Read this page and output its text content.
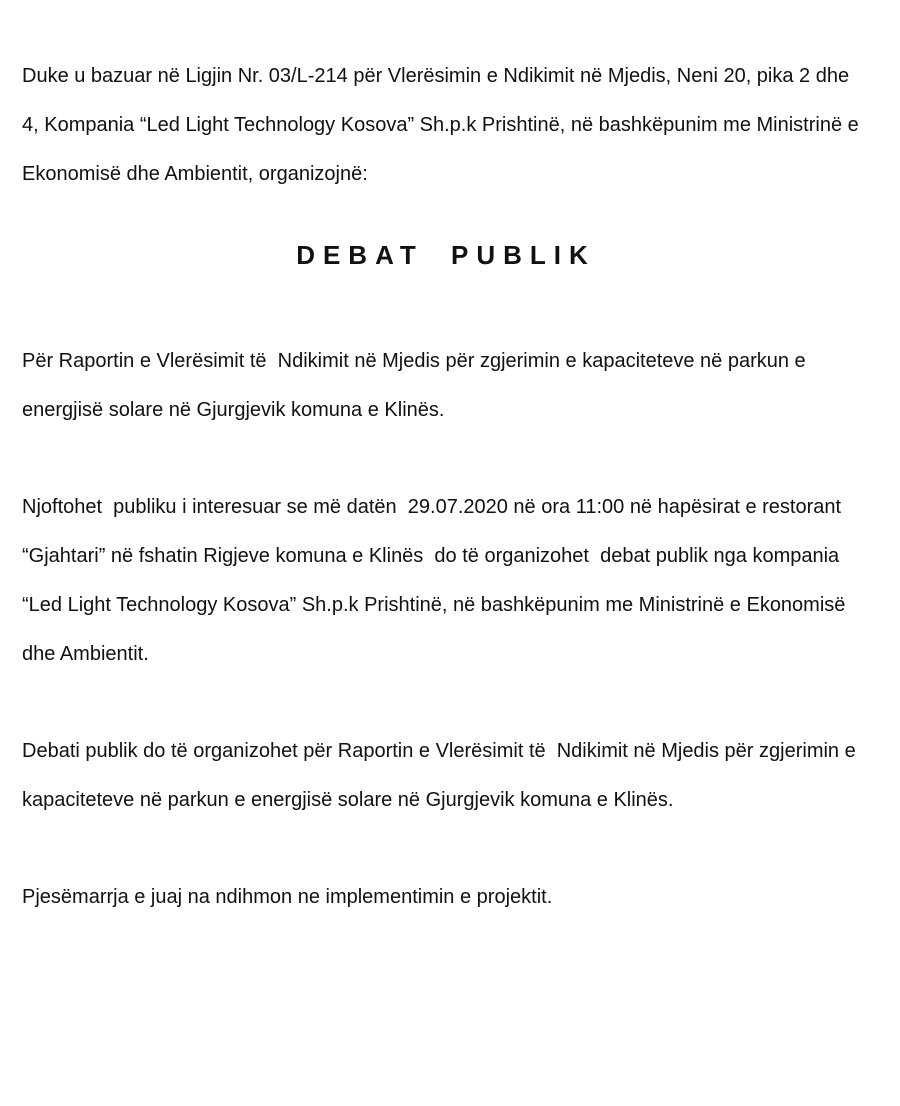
Duke u bazuar në Ligjin Nr. 03/L-214 për Vlerësimin e Ndikimit në Mjedis, Neni 20, pika 2 dhe 4, Kompania “Led Light Technology Kosova” Sh.p.k Prishtinë, në bashkëpunim me Ministrinë e Ekonomisë dhe Ambientit, organizojnë:

DEBAT PUBLIK

Për Raportin e Vlerësimit të  Ndikimit në Mjedis për zgjerimin e kapaciteteve në parkun e energjisë solare në Gjurgjevik komuna e Klinës.

Njoftohet  publiku i interesuar se më datën  29.07.2020 në ora 11:00 në hapësirat e restorant “Gjahtari” në fshatin Rigjeve komuna e Klinës  do të organizohet  debat publik nga kompania “Led Light Technology Kosova” Sh.p.k Prishtinë, në bashkëpunim me Ministrinë e Ekonomisë dhe Ambientit.

Debati publik do të organizohet për Raportin e Vlerësimit të  Ndikimit në Mjedis për zgjerimin e kapaciteteve në parkun e energjisë solare në Gjurgjevik komuna e Klinës.

Pjesëmarrja e juaj na ndihmon ne implementimin e projektit.
